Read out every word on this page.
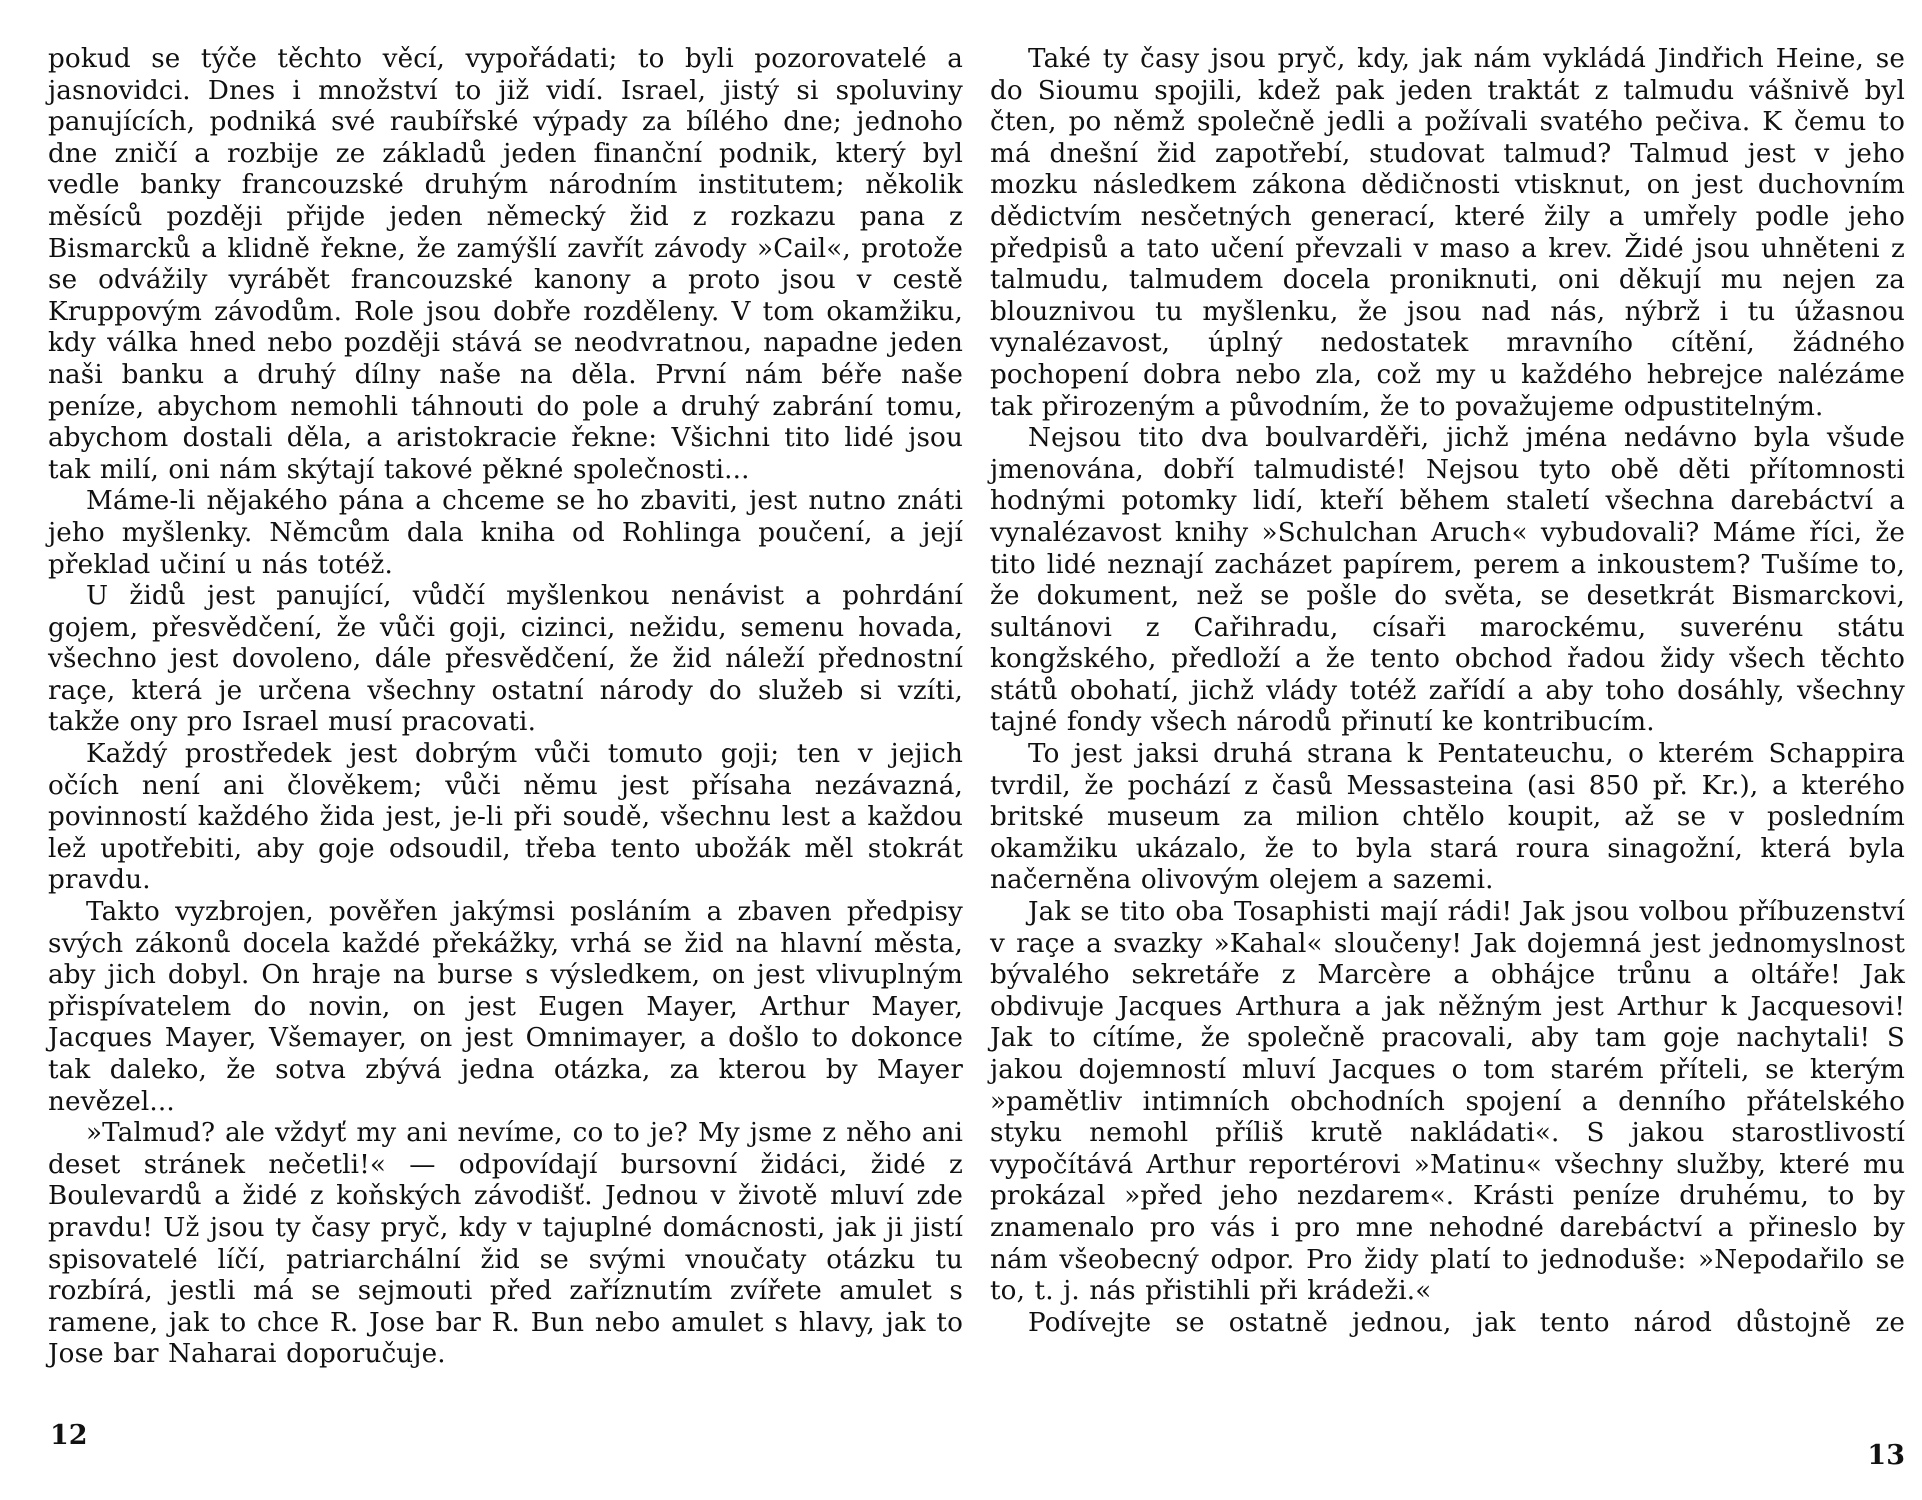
pokud se týče těchto věcí, vypořádati; to byli pozorovatelé a jasnovidci. Dnes i množství to již vidí. Israel, jistý si spoluviny panujících, podniká své raubířské výpady za bílého dne; jednoho dne zničí a rozbije ze základů jeden finanční podnik, který byl vedle banky francouzské druhým národním institutem; několik měsíců později přijde jeden německý žid z rozkazu pana z Bismarcků a klidně řekne, že zamýšlí zavřít závody »Cail«, protože se odvážily vyrábět francouzské kanony a proto jsou v cestě Kruppovým závodům. Role jsou dobře rozděleny. V tom okamžiku, kdy válka hned nebo později stává se neodvratnou, napadne jeden naši banku a druhý dílny naše na děla. První nám béře naše peníze, abychom nemohli táhnouti do pole a druhý zabrání tomu, abychom dostali děla, a aristokracie řekne: Všichni tito lidé jsou tak milí, oni nám skýtají takové pěkné společnosti...

Máme-li nějakého pána a chceme se ho zbaviti, jest nutno znáti jeho myšlenky. Němcům dala kniha od Rohlinga poučení, a její překlad učiní u nás totéž.

U židů jest panující, vůdčí myšlenkou nenávist a pohrdání gojem, přesvědčení, že vůči goji, cizinci, nežidu, semenu hovada, všechno jest dovoleno, dále přesvědčení, že žid náleží přednostní raçe, která je určena všechny ostatní národy do služeb si vzíti, takže ony pro Israel musí pracovati.

Každý prostředek jest dobrým vůči tomuto goji; ten v jejich očích není ani člověkem; vůči němu jest přísaha nezávazná, povinností každého žida jest, je-li při soudě, všechnu lest a každou lež upotřebiti, aby goje odsoudil, třeba tento ubožák měl stokrát pravdu.

Takto vyzbrojen, pověřen jakýmsi posláním a zbaven předpisy svých zákonů docela každé překážky, vrhá se žid na hlavní města, aby jich dobyl. On hraje na burse s výsledkem, on jest vlivuplným přispívatelem do novin, on jest Eugen Mayer, Arthur Mayer, Jacques Mayer, Všemayer, on jest Omnimayer, a došlo to dokonce tak daleko, že sotva zbývá jedna otázka, za kterou by Mayer nevězel...

»Talmud? ale vždyť my ani nevíme, co to je? My jsme z něho ani deset stránek nečetli!« — odpovídají bursovní židáci, židé z Boulevardů a židé z koňských závodišť. Jednou v životě mluví zde pravdu! Už jsou ty časy pryč, kdy v tajuplné domácnosti, jak ji jistí spisovatelé líčí, patriarchální žid se svými vnoučaty otázku tu rozbírá, jestli má se sejmouti před zaříznutím zvířete amulet s ramene, jak to chce R. Jose bar R. Bun nebo amulet s hlavy, jak to Jose bar Naharai doporučuje.

12

Také ty časy jsou pryč, kdy, jak nám vykládá Jindřich Heine, se do Sioumu spojili, kdež pak jeden traktát z talmudu vášnivě byl čten, po němž společně jedli a požívali svatého pečiva. K čemu to má dnešní žid zapotřebí, studovat talmud? Talmud jest v jeho mozku následkem zákona dědičnosti vtisknut, on jest duchovním dědictvím nesčetných generací, které žily a umřely podle jeho předpisů a tato učení převzali v maso a krev. Židé jsou uhněteni z talmudu, talmudem docela proniknuti, oni děkují mu nejen za blouznivou tu myšlenku, že jsou nad nás, nýbrž i tu úžasnou vynalézavost, úplný nedostatek mravního cítění, žádného pochopení dobra nebo zla, což my u každého hebrejce nalézáme tak přirozeným a původním, že to považujeme odpustitelným.

Nejsou tito dva boulvarděři, jichž jména nedávno byla všude jmenována, dobří talmudisté! Nejsou tyto obě děti přítomnosti hodnými potomky lidí, kteří během staletí všechna darebáctví a vynalézavost knihy »Schulchan Aruch« vybudovali? Máme říci, že tito lidé neznají zacházet papírem, perem a inkoustem? Tušíme to, že dokument, než se pošle do světa, se desetkrát Bismarckovi, sultánovi z Cařihradu, císaři marockému, suverénu státu kongžského, předloží a že tento obchod řadou židy všech těchto států obohatí, jichž vlády totéž zařídí a aby toho dosáhly, všechny tajné fondy všech národů přinutí ke kontribucím.

To jest jaksi druhá strana k Pentateuchu, o kterém Schappira tvrdil, že pochází z časů Messasteina (asi 850 př. Kr.), a kterého britské museum za milion chtělo koupit, až se v posledním okamžiku ukázalo, že to byla stará roura sinagožní, která byla načerněna olivovým olejem a sazemi.

Jak se tito oba Tosaphisti mají rádi! Jak jsou volbou příbuzenství v raçe a svazky »Kahal« sloučeny! Jak dojemná jest jednomyslnost bývalého sekretáře z Marcère a obhájce trůnu a oltáře! Jak obdivuje Jacques Arthura a jak něžným jest Arthur k Jacquesovi! Jak to cítíme, že společně pracovali, aby tam goje nachytali! S jakou dojemností mluví Jacques o tom starém příteli, se kterým »pamětliv intimních obchodních spojení a denního přátelského styku nemohl příliš krutě nakládati«. S jakou starostlivostí vypočítává Arthur reportérovi »Matinu« všechny služby, které mu prokázal »před jeho nezdarem«. Krásti peníze druhému, to by znamenalo pro vás i pro mne nehodné darebáctví a přineslo by nám všeobecný odpor. Pro židy platí to jednoduše: »Nepodařilo se to, t. j. nás přistihli při krádeži.«

Podívejte se ostatně jednou, jak tento národ důstojně ze

13
